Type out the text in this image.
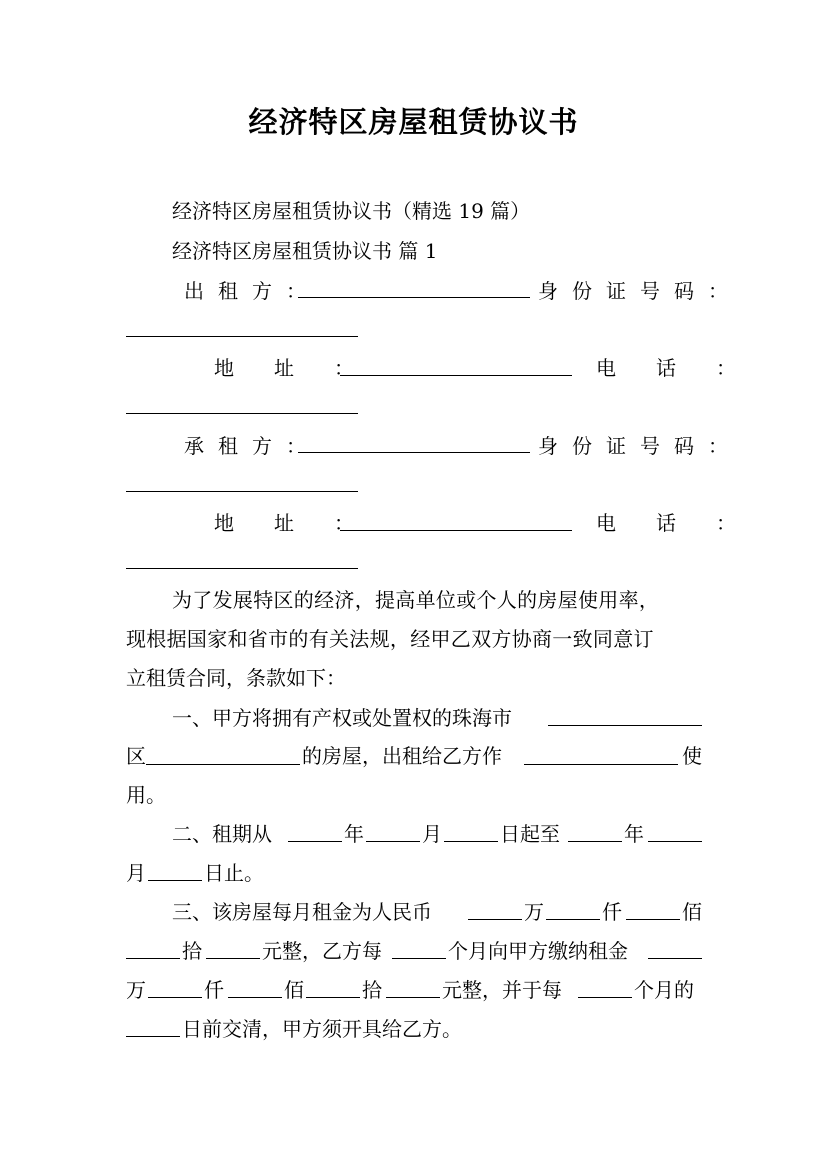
经济特区房屋租赁协议书
经济特区房屋租赁协议书（精选 19 篇）
经济特区房屋租赁协议书 篇 1
出租方：	身份证号码：
地址：	电话：
承租方：	身份证号码：
地址：	电话：
为了发展特区的经济，提高单位或个人的房屋使用率，
现根据国家和省市的有关法规，经甲乙双方协商一致同意订
立租赁合同，条款如下：
一、甲方将拥有产权或处置权的珠海市
区	的房屋，出租给乙方作	使
用。
二、租期从	年	月	日起至	年
月	日止。
三、该房屋每月租金为人民币	万	仟	佰
拾	元整，乙方每	个月向甲方缴纳租金
万	仟	佰	拾	元整，并于每	个月的
日前交清，甲方须开具给乙方。
